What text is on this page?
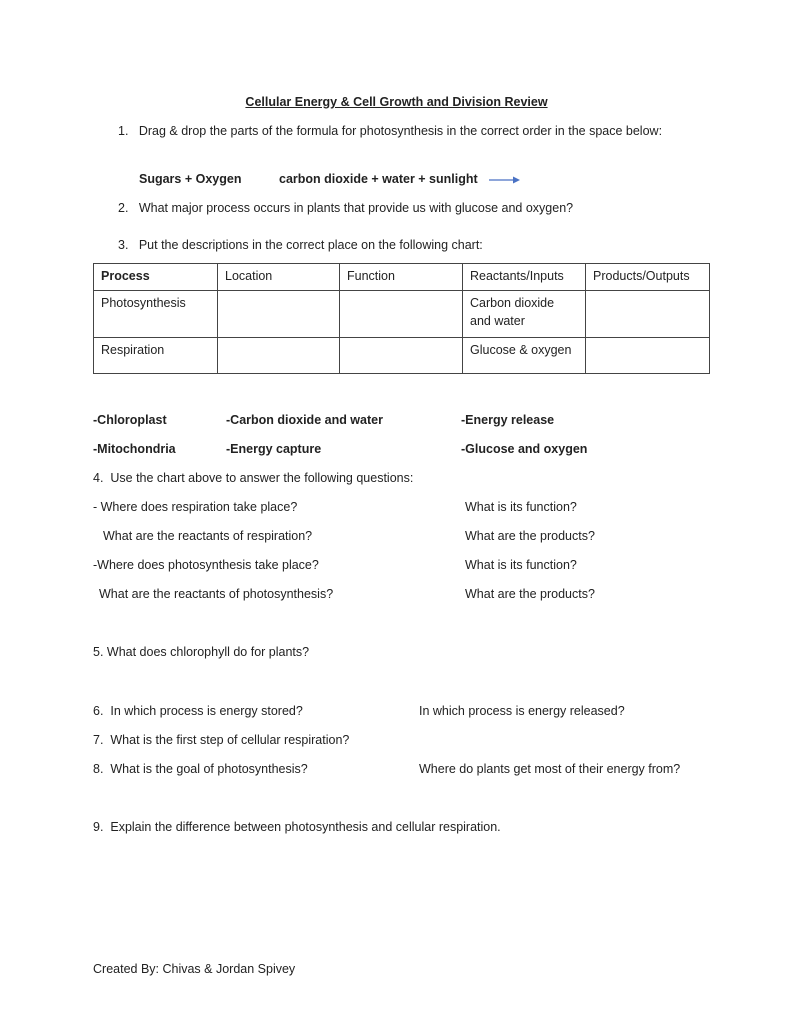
Cellular Energy & Cell Growth and Division Review
1.   Drag & drop the parts of the formula for photosynthesis in the correct order in the space below:
Sugars + Oxygen	carbon dioxide + water + sunlight
2.   What major process occurs in plants that provide us with glucose and oxygen?
3.   Put the descriptions in the correct place on the following chart:
Process	Location	Function	Reactants/Inputs	Products/Outputs
Photosynthesis			Carbon dioxide and water	
Respiration			Glucose & oxygen	
-Chloroplast	-Carbon dioxide and water	-Energy release
-Mitochondria	-Energy capture	-Glucose and oxygen
4.  Use the chart above to answer the following questions:
- Where does respiration take place?	What is its function?
What are the reactants of respiration?	What are the products?
-Where does photosynthesis take place?	What is its function?
What are the reactants of photosynthesis?	What are the products?
5. What does chlorophyll do for plants?
6.  In which process is energy stored?	In which process is energy released?
7.  What is the first step of cellular respiration?
8.  What is the goal of photosynthesis?	Where do plants get most of their energy from?
9.  Explain the difference between photosynthesis and cellular respiration.
Created By: Chivas & Jordan Spivey
